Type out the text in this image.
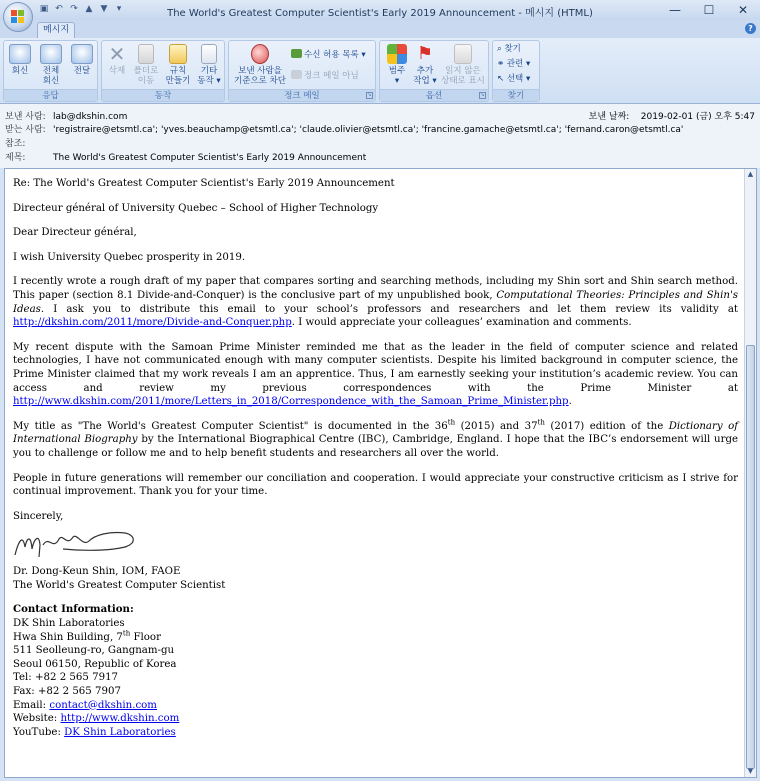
▣ ↶ ↷ ▲ ▼	▾	The World's Greatest Computer Scientist's Early 2019 Announcement - 메시지 (HTML)	—	☐	✕
메시지	?
회신	전체
회신
전달
응답
✕
삭제 폴더로
이동
규칙
만들기
기타
동작 ▾
동작
보낸 사람을
기준으로 차단
수신 허용 목록 ▾
정크 메일 아님
정크 메일	↘
범주
▾
⚑
추가
작업 ▾
읽지 않은
상태로 표시
옵션	↘
⌕ 찾기
⚭ 관련 ▾
↖ 선택 ▾
찾기
보낸 사람: lab@dkshin.com	보낸 날짜: 2019-02-01 (금) 오후 5:47
받는 사람: 'registraire@etsmtl.ca'; 'yves.beauchamp@etsmtl.ca'; 'claude.olivier@etsmtl.ca'; 'francine.gamache@etsmtl.ca'; 'fernand.caron@etsmtl.ca'
참조:
제목:	The World's Greatest Computer Scientist's Early 2019 Announcement

Re: The World's Greatest Computer Scientist's Early 2019 Announcement

Directeur général of University Quebec – School of Higher Technology

Dear Directeur général,

I wish University Quebec prosperity in 2019.

I recently wrote a rough draft of my paper that compares sorting and searching methods, including my Shin sort and Shin search method. This paper (section 8.1 Divide-and-Conquer) is the conclusive part of my unpublished book, Computational Theories: Principles and Shin's Ideas. I ask you to distribute this email to your school’s professors and researchers and let them review its validity at http://dkshin.com/2011/more/Divide-and-Conquer.php. I would appreciate your colleagues’ examination and comments.

My recent dispute with the Samoan Prime Minister reminded me that as the leader in the field of computer science and related technologies, I have not communicated enough with many computer scientists. Despite his limited background in computer science, the Prime Minister claimed that my work reveals I am an apprentice. Thus, I am earnestly seeking your institution’s academic review. You can access and review my previous correspondences with the Prime Minister at http://www.dkshin.com/2011/more/Letters_in_2018/Correspondence_with_the_Samoan_Prime_Minister.php.

My title as "The World's Greatest Computer Scientist" is documented in the 36th (2015) and 37th (2017) edition of the Dictionary of International Biography by the International Biographical Centre (IBC), Cambridge, England. I hope that the IBC’s endorsement will urge you to challenge or follow me and to help benefit students and researchers all over the world.

People in future generations will remember our conciliation and cooperation. I would appreciate your constructive criticism as I strive for continual improvement. Thank you for your time.

Sincerely,

Dr. Dong-Keun Shin, IOM, FAOE

The World's Greatest Computer Scientist

Contact Information:

DK Shin Laboratories

Hwa Shin Building, 7th Floor

511 Seolleung-ro, Gangnam-gu

Seoul 06150, Republic of Korea

Tel: +82 2 565 7917

Fax: +82 2 565 7907

Email: contact@dkshin.com

Website: http://www.dkshin.com

YouTube: DK Shin Laboratories

▲
▼
